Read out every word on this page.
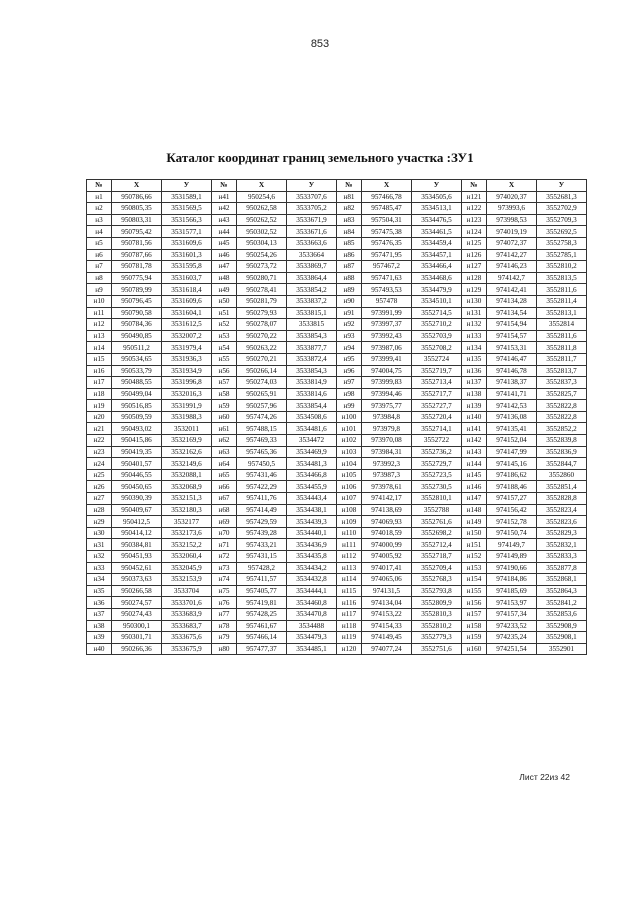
853
Каталог координат границ земельного участка :ЗУ1
№	Х	У	№	Х	У	№	Х	У	№	Х	У
н1	950786,66	3531589,1	н41	950254,6	3533707,6	н81	957466,78	3534505,6	н121	974020,37	3552681,3
н2	950805,35	3531569,5	н42	950262,58	3533705,2	н82	957485,47	3534513,1	н122	973993,6	3552702,9
н3	950803,31	3531566,3	н43	950262,52	3533671,9	н83	957504,31	3534476,5	н123	973998,53	3552709,3
н4	950795,42	3531577,1	н44	950302,52	3533671,6	н84	957475,38	3534461,5	н124	974019,19	3552692,5
н5	950781,56	3531609,6	н45	950304,13	3533663,6	н85	957476,35	3534459,4	н125	974072,37	3552758,3
н6	950787,66	3531601,3	н46	950254,26	3533664	н86	957471,95	3534457,1	н126	974142,27	3552785,1
н7	950781,78	3531595,8	н47	950273,72	3533869,7	н87	957467,2	3534466,4	н127	974146,23	3552810,2
н8	950775,94	3531603,7	н48	950280,71	3533864,4	н88	957471,63	3534468,6	н128	974142,7	3552813,5
н9	950789,99	3531618,4	н49	950278,41	3533854,2	н89	957493,53	3534479,9	н129	974142,41	3552811,6
н10	950796,45	3531609,6	н50	950281,79	3533837,2	н90	957478	3534510,1	н130	974134,28	3552811,4
н11	950790,58	3531604,1	н51	950279,93	3533815,1	н91	973991,99	3552714,5	н131	974134,54	3552813,1
н12	950784,36	3531612,5	н52	950278,07	3533815	н92	973997,37	3552710,2	н132	974154,94	3552814
н13	950490,85	3532007,2	н53	950270,22	3533854,3	н93	973992,43	3552703,9	н133	974154,57	3552811,6
н14	950511,2	3531979,4	н54	950263,22	3533877,7	н94	973987,06	3552708,2	н134	974153,31	3552811,8
н15	950534,65	3531936,3	н55	950270,21	3533872,4	н95	973999,41	3552724	н135	974146,47	3552811,7
н16	950533,79	3531934,9	н56	950266,14	3533854,3	н96	974004,75	3552719,7	н136	974146,78	3552813,7
н17	950488,55	3531996,8	н57	950274,03	3533814,9	н97	973999,83	3552713,4	н137	974138,37	3552837,3
н18	950499,04	3532016,3	н58	950265,91	3533814,6	н98	973994,46	3552717,7	н138	974141,71	3552825,7
н19	950516,85	3531991,9	н59	950257,96	3533854,4	н99	973975,77	3552727,7	н139	974142,53	3552822,8
н20	950509,59	3531988,3	н60	957474,26	3534508,6	н100	973984,8	3552720,4	н140	974136,08	3552822,8
н21	950493,02	3532011	н61	957488,15	3534481,6	н101	973979,8	3552714,1	н141	974135,41	3552852,2
н22	950415,86	3532169,9	н62	957469,33	3534472	н102	973970,08	3552722	н142	974152,04	3552839,8
н23	950419,35	3532162,6	н63	957465,36	3534469,9	н103	973984,31	3552736,2	н143	974147,99	3552836,9
н24	950401,57	3532149,6	н64	957450,5	3534481,3	н104	973992,3	3552729,7	н144	974145,16	3552844,7
н25	950446,55	3532088,1	н65	957431,46	3534466,8	н105	973987,3	3552723,5	н145	974186,62	3552860
н26	950450,65	3532068,9	н66	957422,29	3534455,9	н106	973978,61	3552730,5	н146	974188,46	3552851,4
н27	950390,39	3532151,3	н67	957411,76	3534443,4	н107	974142,17	3552810,1	н147	974157,27	3552828,8
н28	950409,67	3532180,3	н68	957414,49	3534438,1	н108	974138,69	3552788	н148	974156,42	3552823,4
н29	950412,5	3532177	н69	957429,59	3534439,3	н109	974069,93	3552761,6	н149	974152,78	3552823,6
н30	950414,12	3532173,6	н70	957439,28	3534440,1	н110	974018,59	3552698,2	н150	974150,74	3552829,3
н31	950384,81	3532152,2	н71	957433,21	3534436,9	н111	974000,99	3552712,4	н151	974149,7	3552832,1
н32	950451,93	3532060,4	н72	957431,15	3534435,8	н112	974005,92	3552718,7	н152	974149,89	3552833,3
н33	950452,61	3532045,9	н73	957428,2	3534434,2	н113	974017,41	3552709,4	н153	974190,66	3552877,8
н34	950373,63	3532153,9	н74	957411,57	3534432,8	н114	974065,06	3552768,3	н154	974184,86	3552868,1
н35	950266,58	3533704	н75	957405,77	3534444,1	н115	974131,5	3552793,8	н155	974185,69	3552864,3
н36	950274,57	3533701,6	н76	957419,81	3534460,8	н116	974134,04	3552809,9	н156	974153,97	3552841,2
н37	950274,43	3533683,9	н77	957428,25	3534470,8	н117	974153,22	3552810,3	н157	974157,34	3552853,6
н38	950300,1	3533683,7	н78	957461,67	3534488	н118	974154,33	3552810,2	н158	974233,52	3552908,9
н39	950301,71	3533675,6	н79	957466,14	3534479,3	н119	974149,45	3552779,3	н159	974235,24	3552908,1
н40	950266,36	3533675,9	н80	957477,37	3534485,1	н120	974077,24	3552751,6	н160	974251,54	3552901
Лист 22из 42
